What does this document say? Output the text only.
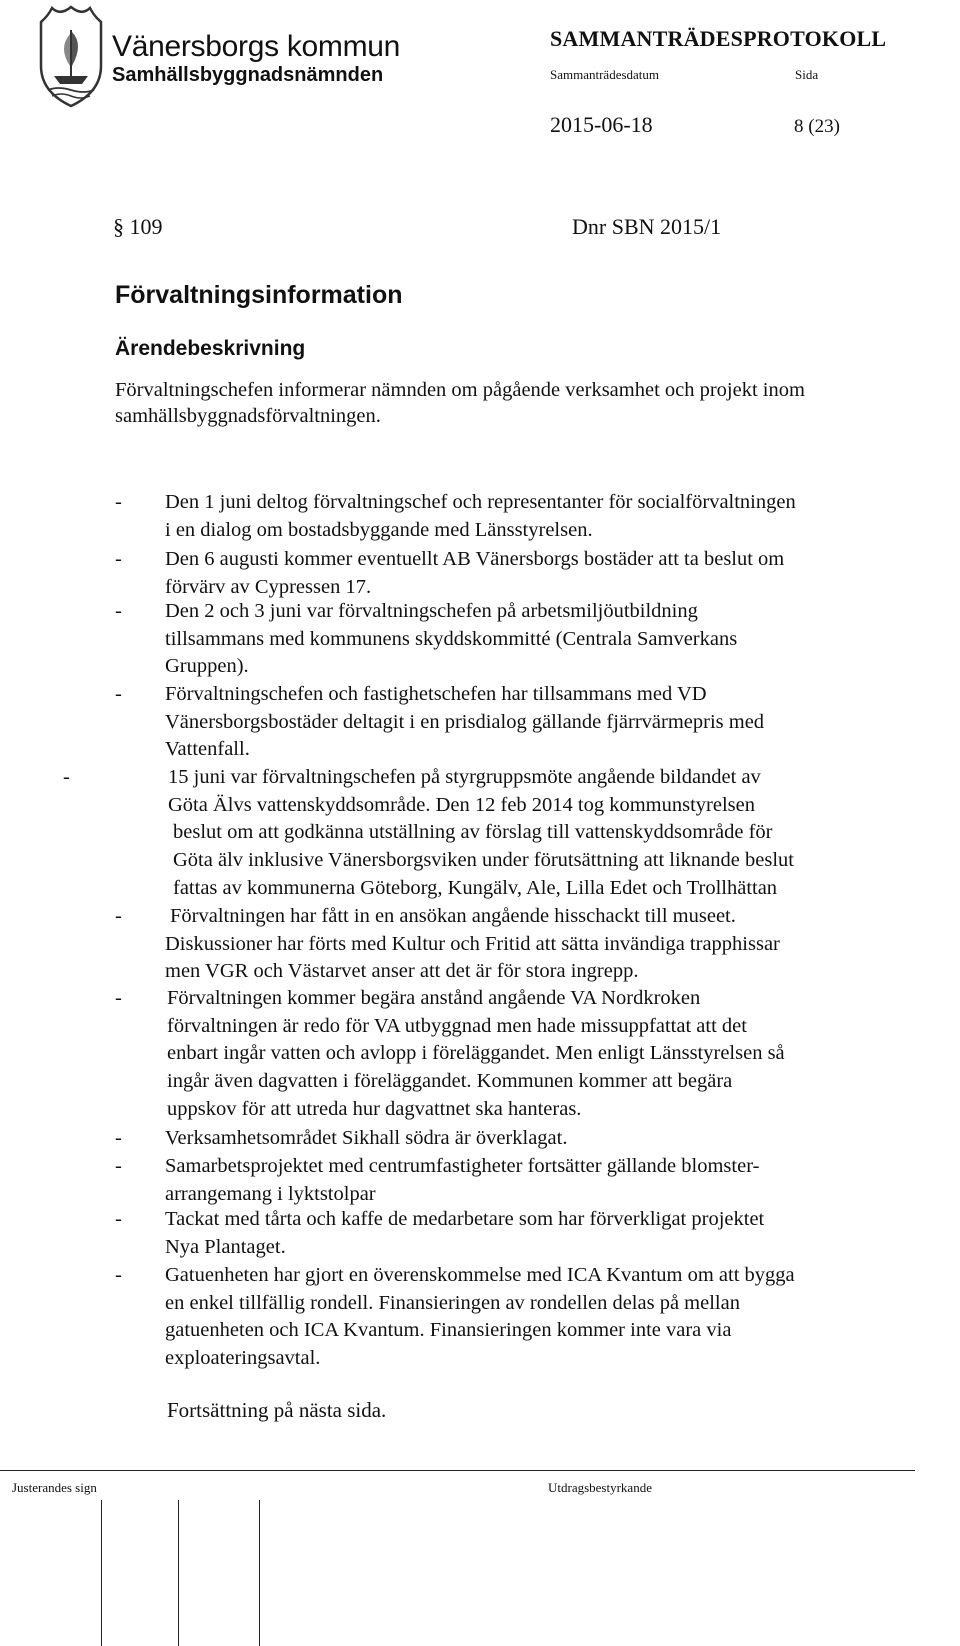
Vänersborgs kommun
Samhällsbyggnadsnämnden
SAMMANTRÄDESPROTOKOLL
Sammanträdesdatum	Sida
2015-06-18	8 (23)
§ 109	Dnr SBN 2015/1
Förvaltningsinformation
Ärendebeskrivning
Förvaltningschefen informerar nämnden om pågående verksamhet och projekt inom samhällsbyggnadsförvaltningen.
- Den 1 juni deltog förvaltningschef och representanter för socialförvaltningen
i en dialog om bostadsbyggande med Länsstyrelsen.
- Den 6 augusti kommer eventuellt AB Vänersborgs bostäder att ta beslut om
förvärv av Cypressen 17.
- Den 2 och 3 juni var förvaltningschefen på arbetsmiljöutbildning
tillsammans med kommunens skyddskommitté (Centrala Samverkans
Gruppen).
- Förvaltningschefen och fastighetschefen har tillsammans med VD
Vänersborgsbostäder deltagit i en prisdialog gällande fjärrvärmepris med
Vattenfall.
-	15 juni var förvaltningschefen på styrgruppsmöte angående bildandet av
Göta Älvs vattenskyddsområde. Den 12 feb 2014 tog kommunstyrelsen
beslut om att godkänna utställning av förslag till vattenskyddsområde för
Göta älv inklusive Vänersborgsviken under förutsättning att liknande beslut
fattas av kommunerna Göteborg, Kungälv, Ale, Lilla Edet och Trollhättan
- Förvaltningen har fått in en ansökan angående hisschackt till museet.
Diskussioner har förts med Kultur och Fritid att sätta invändiga trapphissar
men VGR och Västarvet anser att det är för stora ingrepp.
- Förvaltningen kommer begära anstånd angående VA Nordkroken
förvaltningen är redo för VA utbyggnad men hade missuppfattat att det
enbart ingår vatten och avlopp i föreläggandet. Men enligt Länsstyrelsen så
ingår även dagvatten i föreläggandet. Kommunen kommer att begära
uppskov för att utreda hur dagvattnet ska hanteras.
- Verksamhetsområdet Sikhall södra är överklagat.
- Samarbetsprojektet med centrumfastigheter fortsätter gällande blomster-
arrangemang i lyktstolpar
- Tackat med tårta och kaffe de medarbetare som har förverkligat projektet
Nya Plantaget.
- Gatuenheten har gjort en överenskommelse med ICA Kvantum om att bygga
en enkel tillfällig rondell. Finansieringen av rondellen delas på mellan
gatuenheten och ICA Kvantum. Finansieringen kommer inte vara via
exploateringsavtal.
Fortsättning på nästa sida.
Justerandes sign	Utdragsbestyrkande
